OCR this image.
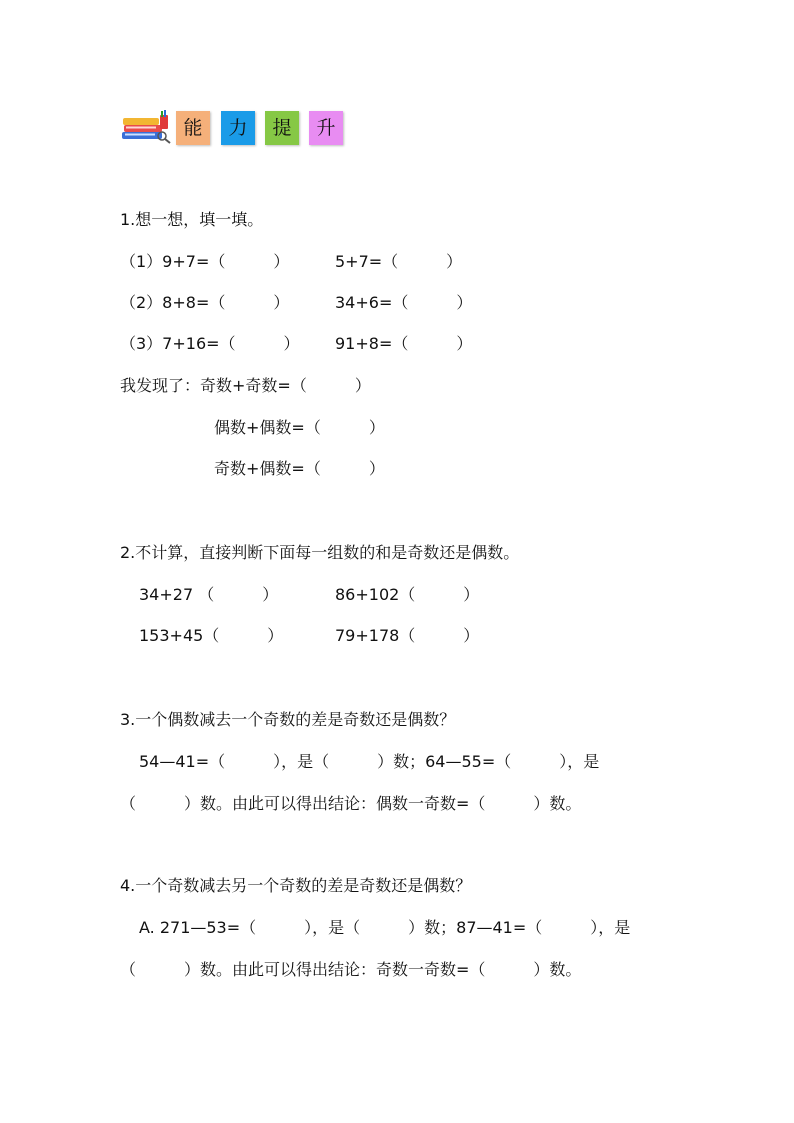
能	力	提	升
1.想一想，填一填。
（1）9+7=（　　　）	5+7=（　　　）
（2）8+8=（　　　）	34+6=（　　　）
（3）7+16=（　　　） 91+8=（　　　）
我发现了：奇数+奇数=（　　　）
偶数+偶数=（　　　）
奇数+偶数=（　　　）
2.不计算，直接判断下面每一组数的和是奇数还是偶数。
34+27 （　　　）	86+102（　　　）
153+45（　　　）	79+178（　　　）
3.一个偶数减去一个奇数的差是奇数还是偶数？
54—41=（　　　），是（　　　）数；64—55=（　　　），是
（　　　）数。由此可以得出结论：偶数一奇数=（　　　）数。
4.一个奇数减去另一个奇数的差是奇数还是偶数？
A. 271—53=（　　　），是（　　　）数；87—41=（　　　），是
（　　　）数。由此可以得出结论：奇数一奇数=（　　　）数。
